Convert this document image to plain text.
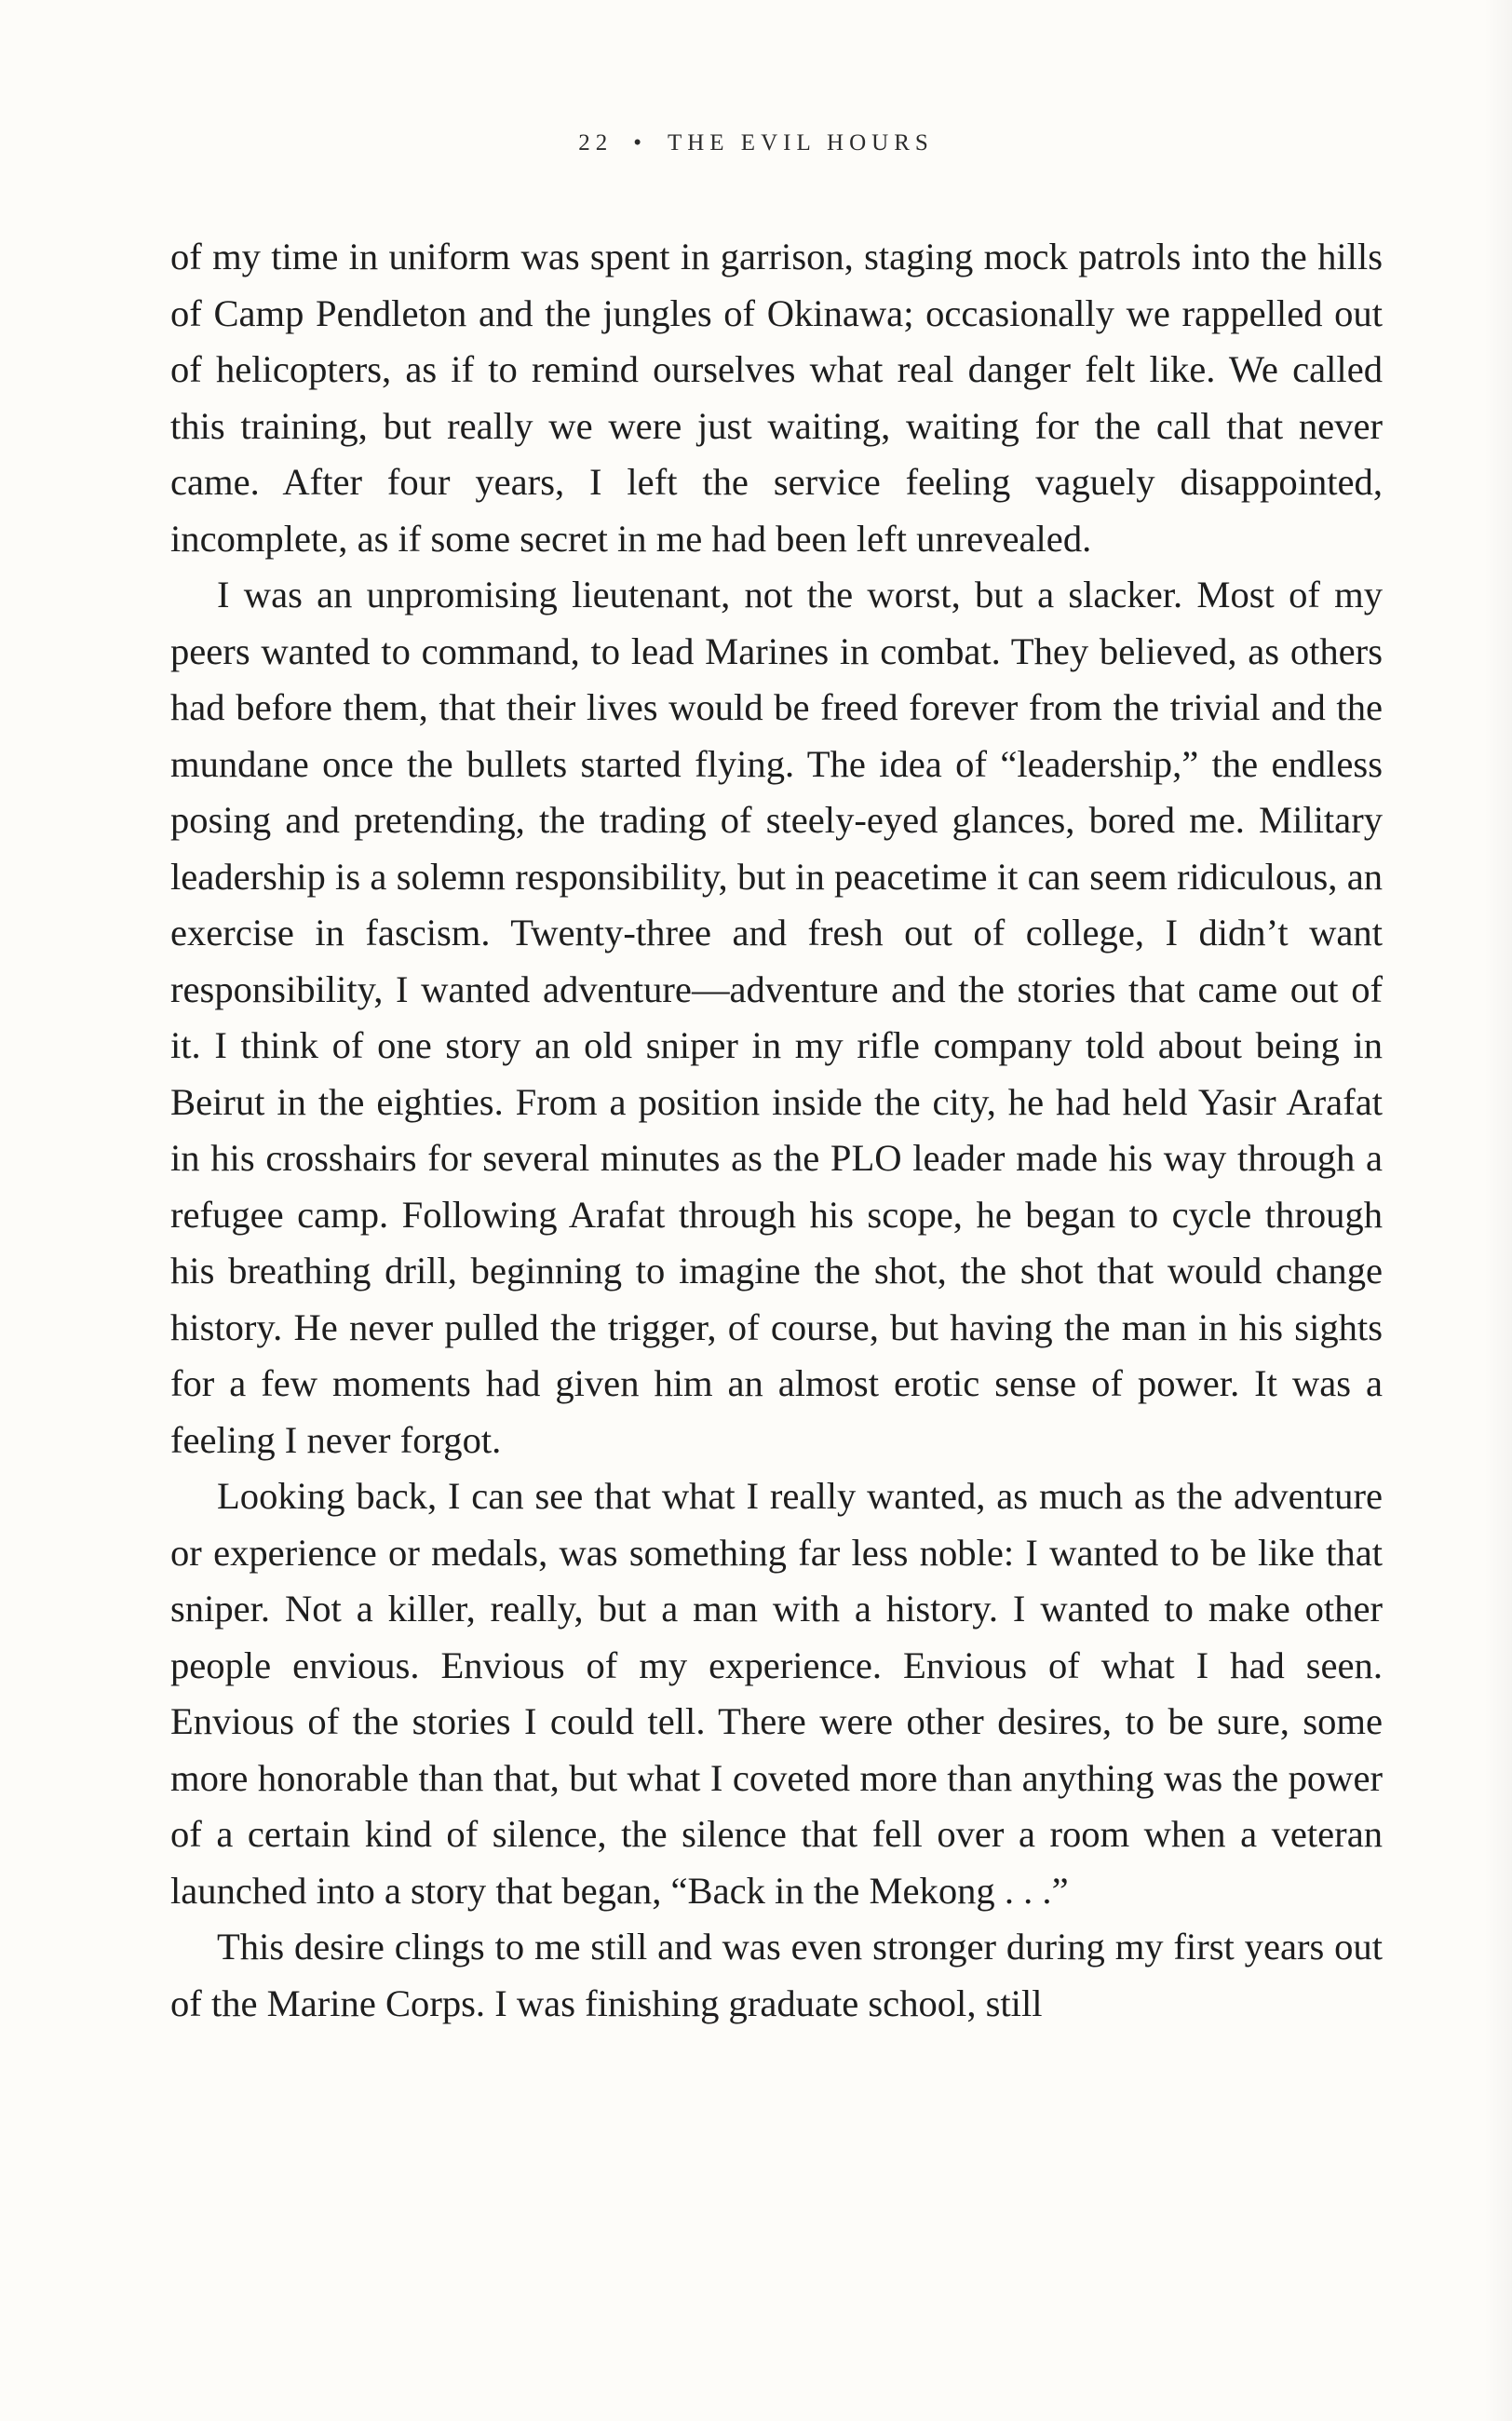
22 • THE EVIL HOURS

of my time in uniform was spent in garrison, staging mock patrols into the hills of Camp Pendleton and the jungles of Okinawa; occasionally we rappelled out of helicopters, as if to remind ourselves what real danger felt like. We called this training, but really we were just waiting, waiting for the call that never came. After four years, I left the service feeling vaguely disappointed, incomplete, as if some secret in me had been left unrevealed.

I was an unpromising lieutenant, not the worst, but a slacker. Most of my peers wanted to command, to lead Marines in combat. They believed, as others had before them, that their lives would be freed forever from the trivial and the mundane once the bullets started flying. The idea of “leadership,” the endless posing and pretending, the trading of steely-eyed glances, bored me. Military leadership is a solemn responsibility, but in peacetime it can seem ridiculous, an exercise in fascism. Twenty-three and fresh out of college, I didn’t want responsibility, I wanted adventure—adventure and the stories that came out of it. I think of one story an old sniper in my rifle company told about being in Beirut in the eighties. From a position inside the city, he had held Yasir Arafat in his crosshairs for several minutes as the PLO leader made his way through a refugee camp. Following Arafat through his scope, he began to cycle through his breathing drill, beginning to imagine the shot, the shot that would change history. He never pulled the trigger, of course, but having the man in his sights for a few moments had given him an almost erotic sense of power. It was a feeling I never forgot.

Looking back, I can see that what I really wanted, as much as the adventure or experience or medals, was something far less noble: I wanted to be like that sniper. Not a killer, really, but a man with a history. I wanted to make other people envious. Envious of my experience. Envious of what I had seen. Envious of the stories I could tell. There were other desires, to be sure, some more honorable than that, but what I coveted more than anything was the power of a certain kind of silence, the silence that fell over a room when a veteran launched into a story that began, “Back in the Mekong . . .”

This desire clings to me still and was even stronger during my first years out of the Marine Corps. I was finishing graduate school, still
